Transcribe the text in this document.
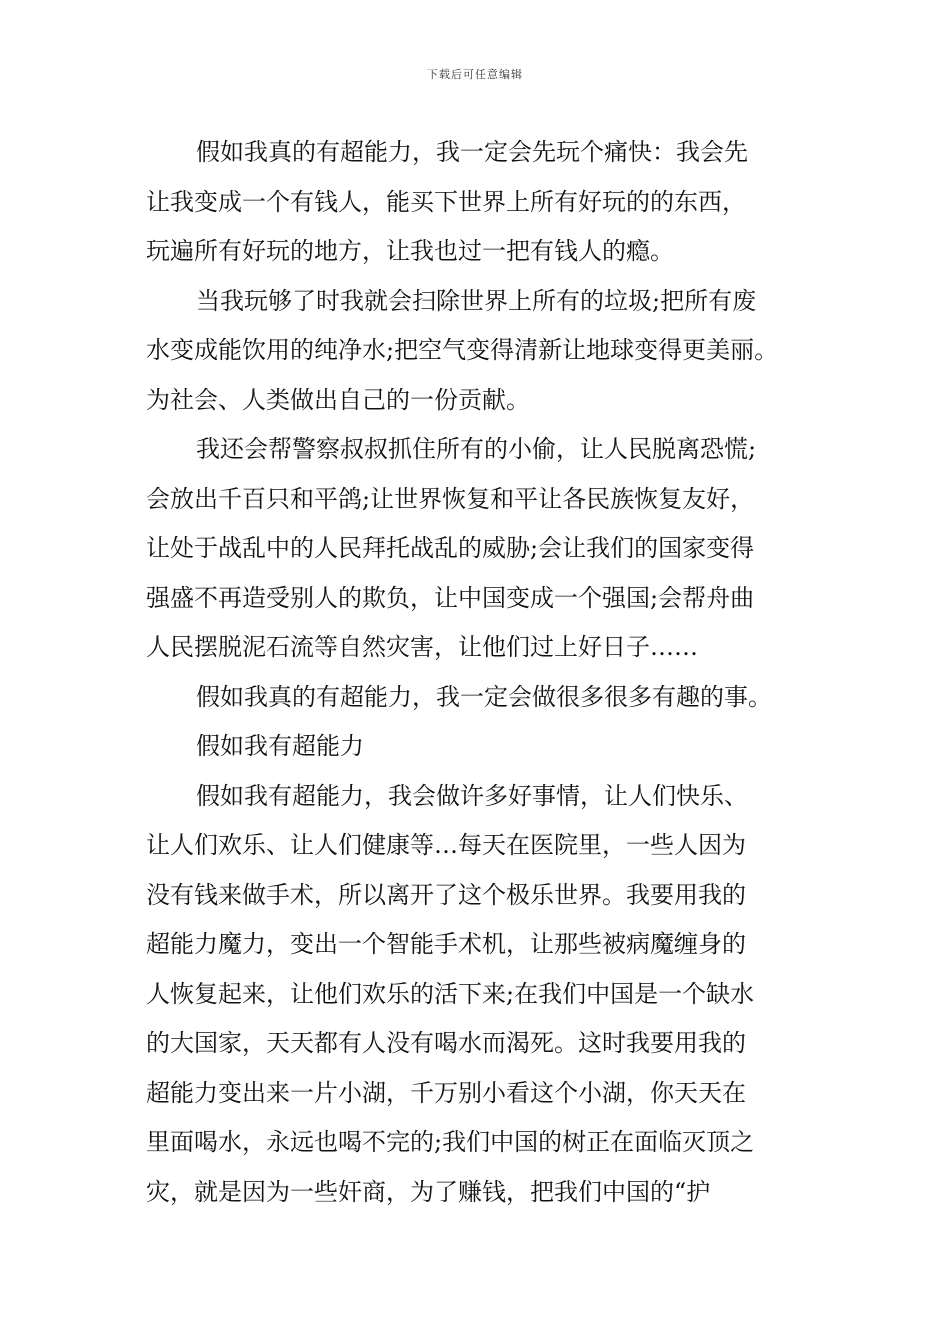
下载后可任意编辑
假如我真的有超能力，我一定会先玩个痛快：我会先
让我变成一个有钱人，能买下世界上所有好玩的的东西，
玩遍所有好玩的地方，让我也过一把有钱人的瘾。
当我玩够了时我就会扫除世界上所有的垃圾;把所有废
水变成能饮用的纯净水;把空气变得清新让地球变得更美丽。
为社会、人类做出自己的一份贡献。
我还会帮警察叔叔抓住所有的小偷，让人民脱离恐慌;
会放出千百只和平鸽;让世界恢复和平让各民族恢复友好，
让处于战乱中的人民拜托战乱的威胁;会让我们的国家变得
强盛不再造受别人的欺负，让中国变成一个强国;会帮舟曲
人民摆脱泥石流等自然灾害，让他们过上好日子……
假如我真的有超能力，我一定会做很多很多有趣的事。
假如我有超能力
假如我有超能力，我会做许多好事情，让人们快乐、
让人们欢乐、让人们健康等…每天在医院里，一些人因为
没有钱来做手术，所以离开了这个极乐世界。我要用我的
超能力魔力，变出一个智能手术机，让那些被病魔缠身的
人恢复起来，让他们欢乐的活下来;在我们中国是一个缺水
的大国家，天天都有人没有喝水而渴死。这时我要用我的
超能力变出来一片小湖，千万别小看这个小湖，你天天在
里面喝水，永远也喝不完的;我们中国的树正在面临灭顶之
灾，就是因为一些奸商，为了赚钱，把我们中国的“护
